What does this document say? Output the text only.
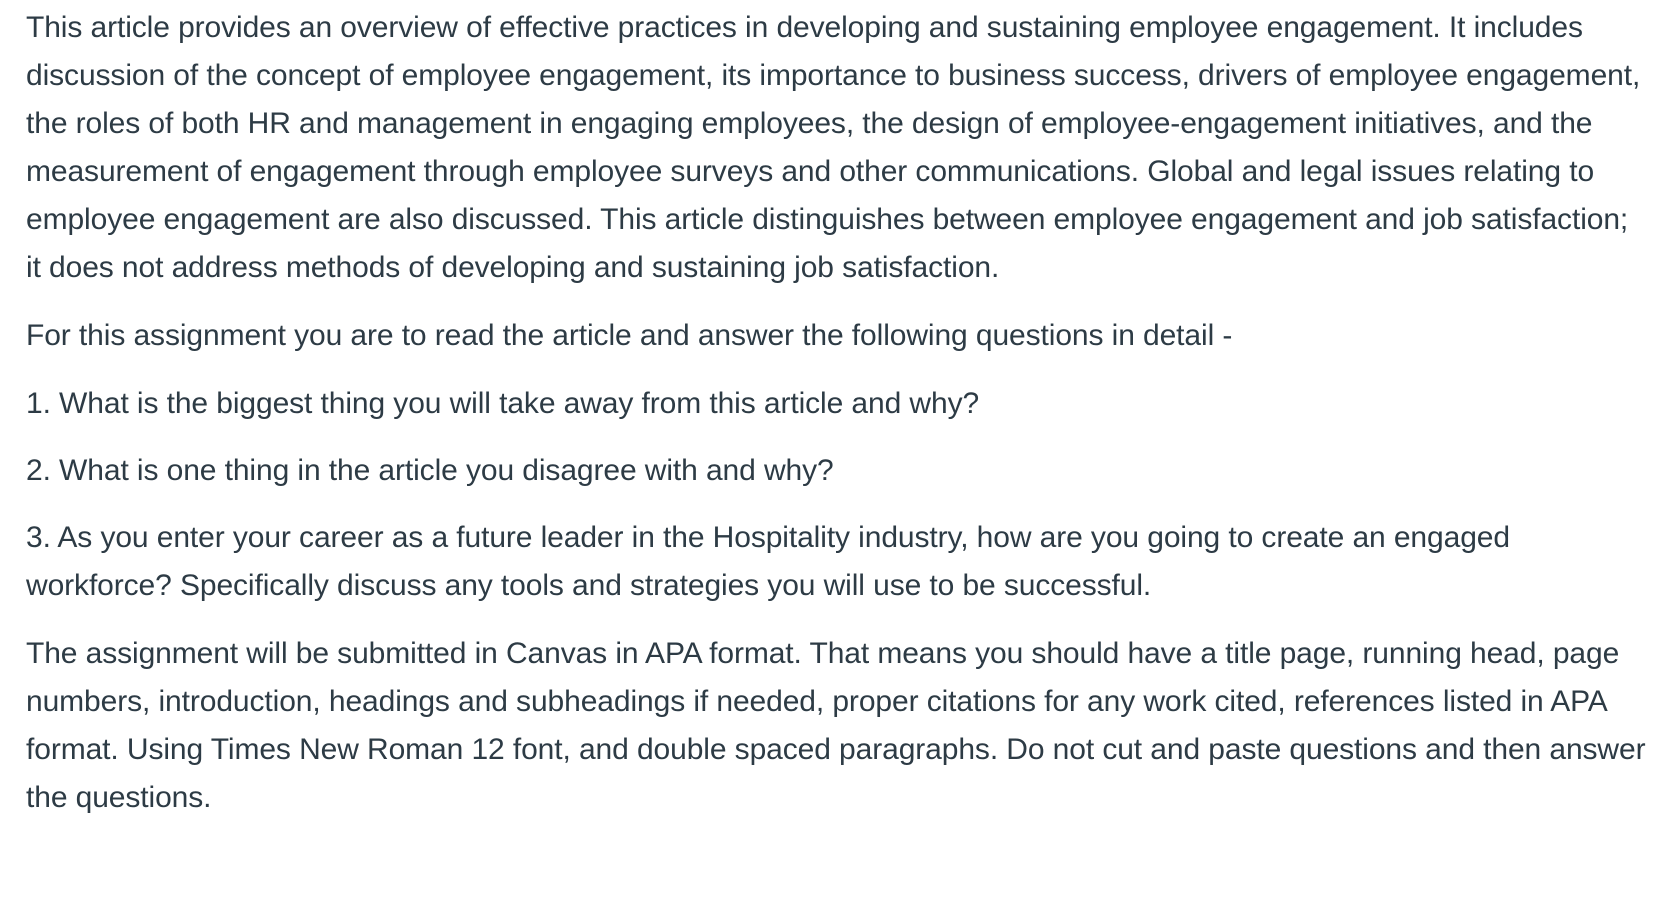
This article provides an overview of effective practices in developing and sustaining employee engagement. It includes discussion of the concept of employee engagement, its importance to business success, drivers of employee engagement, the roles of both HR and management in engaging employees, the design of employee-engagement initiatives, and the measurement of engagement through employee surveys and other communications. Global and legal issues relating to employee engagement are also discussed. This article distinguishes between employee engagement and job satisfaction; it does not address methods of developing and sustaining job satisfaction.

For this assignment you are to read the article and answer the following questions in detail -

1. What is the biggest thing you will take away from this article and why?

2. What is one thing in the article you disagree with and why?

3. As you enter your career as a future leader in the Hospitality industry, how are you going to create an engaged workforce? Specifically discuss any tools and strategies you will use to be successful.

The assignment will be submitted in Canvas in APA format. That means you should have a title page, running head, page numbers, introduction, headings and subheadings if needed, proper citations for any work cited, references listed in APA format. Using Times New Roman 12 font, and double spaced paragraphs. Do not cut and paste questions and then answer the questions.
